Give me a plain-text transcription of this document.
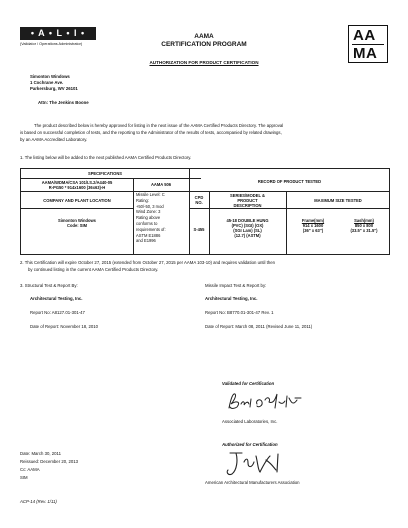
• A • L • I •
(Validator / Operations Administrator)	AA
MA
AAMA
CERTIFICATION PROGRAM
AUTHORIZATION FOR PRODUCT CERTIFICATION
Simonton Windows
1 Cochrane Ave.
Parkersburg, WV 26101
Attn: The Jenkins Boone
The product described below is hereby approved for listing in the next issue of the AAMA Certified Products Directory. The approval
is based on successful completion of tests, and the reporting to the Administrator of the results of tests, accompanied by related drawings,
by an AAMA Accredited Laboratory.
1. The listing below will be added to the next published AAMA Certified Products Directory.
SPECIFICATIONS
AAMA/WDMA/CSA 101/I.S.2/A440-05
R-PG50 * 914x1600 (36x63)-H
AAMA 506
RECORD OF PRODUCT TESTED
COMPANY AND PLANT LOCATION
Missile Level: C
Rating:
+50/-50, 3 mod
Wind Zone: 3
Rating above
conforms to
requirements of:
ASTM E1886
and E1996
CPD
NO.
SERIES/MODEL &
PRODUCT
DESCRIPTION
MAXIMUM SIZE TESTED
Simonton Windows
Code: SIM
S-455
45-18 DOUBLE HUNG
(PVC) (SGI) (OX)
(SGI Lam) (SL)
(12.7) (ASTM)
Frame(mm)
914 x 1600
(36" x 63")
Sash(mm)
850 x 800
(33.5" x 31.5")
2. This Certification will expire October 27, 2015 (extended from October 27, 2015 per AAMA 103-10) and requires validation until then
by continued listing in the current AAMA Certified Products Directory.
3. Structural Test & Report By:
Architectural Testing, Inc.
Report No: A8127.01-301-47
Date of Report: November 18, 2010
Missile Impact Test & Report by:
Architectural Testing, Inc.
Report No: B8770.01-301-47 Rev. 1
Date of Report: March 08, 2011 (Revised June 11, 2011)
Validated for Certification
Associated Laboratories, Inc.
Authorized for Certification
American Architectural Manufacturers Association
Date: March 30, 2011
Reissued: December 20, 2013
Cc: AAMA
SIM
ACP-14 (Rev. 1/11)
